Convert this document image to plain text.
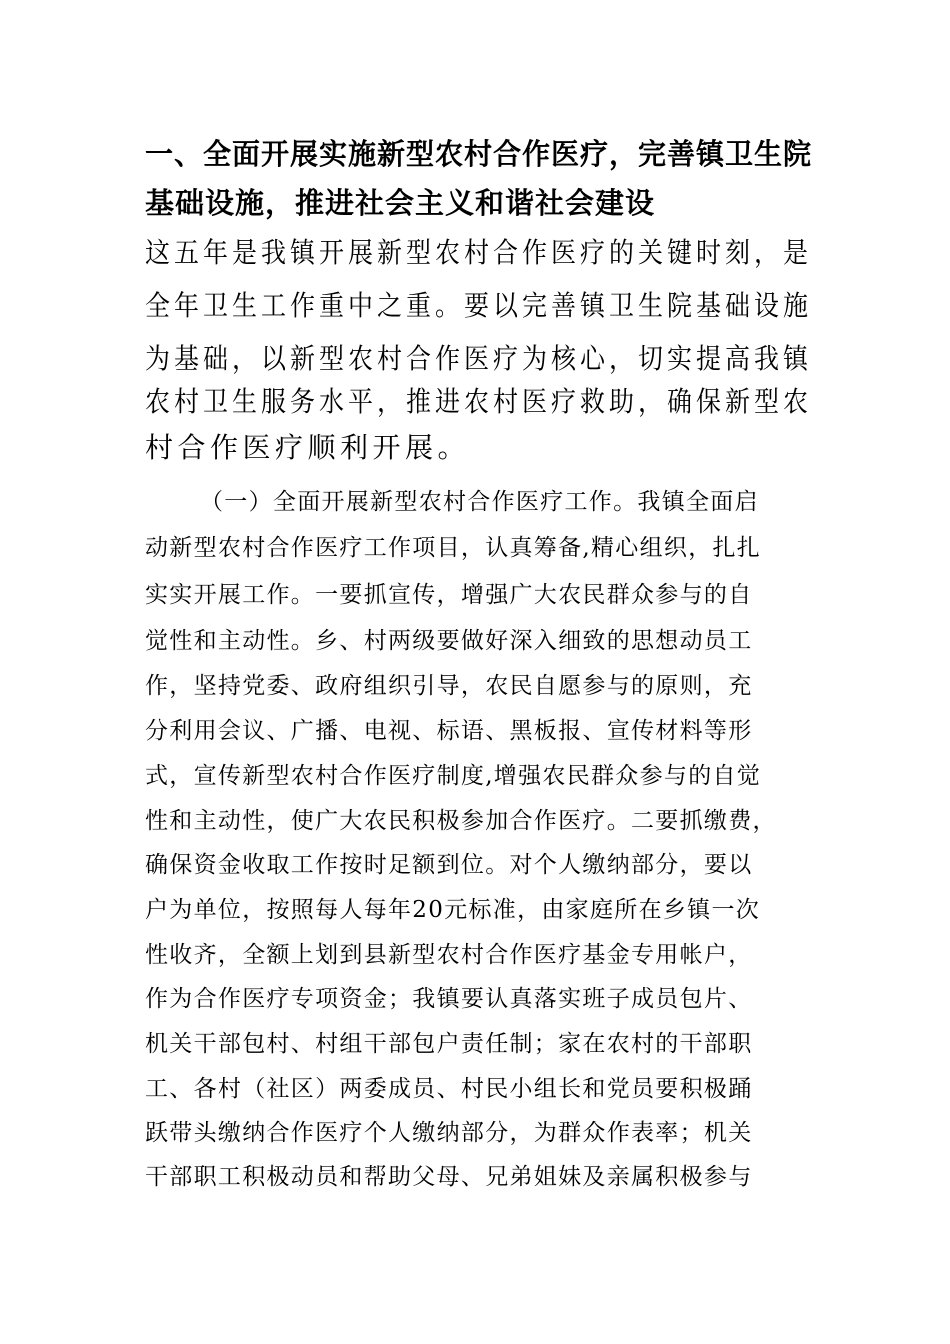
一、全面开展实施新型农村合作医疗，完善镇卫生院
基础设施，推进社会主义和谐社会建设
这五年是我镇开展新型农村合作医疗的关键时刻，是
全年卫生工作重中之重。要以完善镇卫生院基础设施
为基础，以新型农村合作医疗为核心，切实提高我镇
农村卫生服务水平，推进农村医疗救助，确保新型农
村合作医疗顺利开展。
（一）全面开展新型农村合作医疗工作。我镇全面启
动新型农村合作医疗工作项目，认真筹备,精心组织，扎扎
实实开展工作。一要抓宣传，增强广大农民群众参与的自
觉性和主动性。乡、村两级要做好深入细致的思想动员工
作，坚持党委、政府组织引导，农民自愿参与的原则，充
分利用会议、广播、电视、标语、黑板报、宣传材料等形
式，宣传新型农村合作医疗制度,增强农民群众参与的自觉
性和主动性，使广大农民积极参加合作医疗。二要抓缴费，
确保资金收取工作按时足额到位。对个人缴纳部分，要以
户为单位，按照每人每年20元标准，由家庭所在乡镇一次
性收齐，全额上划到县新型农村合作医疗基金专用帐户，
作为合作医疗专项资金；我镇要认真落实班子成员包片、
机关干部包村、村组干部包户责任制；家在农村的干部职
工、各村（社区）两委成员、村民小组长和党员要积极踊
跃带头缴纳合作医疗个人缴纳部分，为群众作表率；机关
干部职工积极动员和帮助父母、兄弟姐妹及亲属积极参与
